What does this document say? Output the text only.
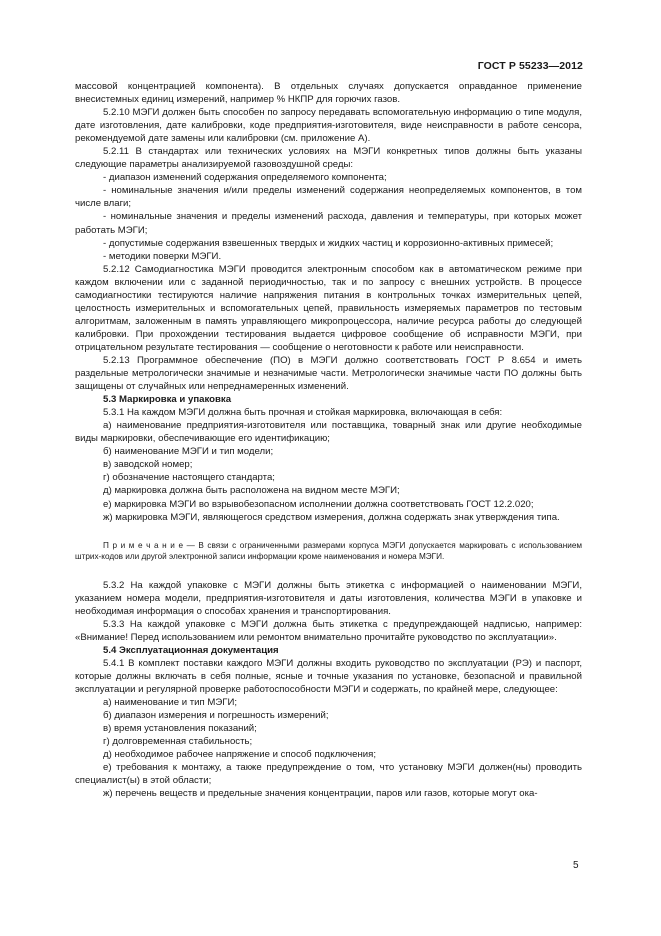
ГОСТ Р 55233—2012

массовой концентрацией компонента). В отдельных случаях допускается оправданное применение внесистемных единиц измерений, например % НКПР для горючих газов.

5.2.10 МЭГИ должен быть способен по запросу передавать вспомогательную информацию о типе модуля, дате изготовления, дате калибровки, коде предприятия-изготовителя, виде неисправности в работе сенсора, рекомендуемой дате замены или калибровки (см. приложение А).

5.2.11 В стандартах или технических условиях на МЭГИ конкретных типов должны быть указаны следующие параметры анализируемой газовоздушной среды:

- диапазон изменений содержания определяемого компонента;

- номинальные значения и/или пределы изменений содержания неопределяемых компонентов, в том числе влаги;

- номинальные значения и пределы изменений расхода, давления и температуры, при которых может работать МЭГИ;

- допустимые содержания взвешенных твердых и жидких частиц и коррозионно-активных примесей;

- методики поверки МЭГИ.

5.2.12 Самодиагностика МЭГИ проводится электронным способом как в автоматическом режиме при каждом включении или с заданной периодичностью, так и по запросу с внешних устройств. В процессе самодиагностики тестируются наличие напряжения питания в контрольных точках измерительных цепей, целостность измерительных и вспомогательных цепей, правильность измеряемых параметров по тестовым алгоритмам, заложенным в память управляющего микропроцессора, наличие ресурса работы до следующей калибровки. При прохождении тестирования выдается цифровое сообщение об исправности МЭГИ, при отрицательном результате тестирования — сообщение о неготовности к работе или неисправности.

5.2.13 Программное обеспечение (ПО) в МЭГИ должно соответствовать ГОСТ Р 8.654 и иметь раздельные метрологически значимые и незначимые части. Метрологически значимые части ПО должны быть защищены от случайных или непреднамеренных изменений.

5.3 Маркировка и упаковка

5.3.1 На каждом МЭГИ должна быть прочная и стойкая маркировка, включающая в себя:

а) наименование предприятия-изготовителя или поставщика, товарный знак или другие необходимые виды маркировки, обеспечивающие его идентификацию;

б) наименование МЭГИ и тип модели;

в) заводской номер;

г) обозначение настоящего стандарта;

д) маркировка должна быть расположена на видном месте МЭГИ;

е) маркировка МЭГИ во взрывобезопасном исполнении должна соответствовать ГОСТ 12.2.020;

ж) маркировка МЭГИ, являющегося средством измерения, должна содержать знак утверждения типа.

П р и м е ч а н и е — В связи с ограниченными размерами корпуса МЭГИ допускается маркировать с использованием штрих-кодов или другой электронной записи информации кроме наименования и номера МЭГИ.

5.3.2 На каждой упаковке с МЭГИ должны быть этикетка с информацией о наименовании МЭГИ, указанием номера модели, предприятия-изготовителя и даты изготовления, количества МЭГИ в упаковке и необходимая информация о способах хранения и транспортирования.

5.3.3 На каждой упаковке с МЭГИ должна быть этикетка с предупреждающей надписью, например: «Внимание! Перед использованием или ремонтом внимательно прочитайте руководство по эксплуатации».

5.4 Эксплуатационная документация

5.4.1 В комплект поставки каждого МЭГИ должны входить руководство по эксплуатации (РЭ) и паспорт, которые должны включать в себя полные, ясные и точные указания по установке, безопасной и правильной эксплуатации и регулярной проверке работоспособности МЭГИ и содержать, по крайней мере, следующее:

а) наименование и тип МЭГИ;

б) диапазон измерения и погрешность измерений;

в) время установления показаний;

г) долговременная стабильность;

д) необходимое рабочее напряжение и способ подключения;

е) требования к монтажу, а также предупреждение о том, что установку МЭГИ должен(ны) проводить специалист(ы) в этой области;

ж) перечень веществ и предельные значения концентрации, паров или газов, которые могут ока-

5
